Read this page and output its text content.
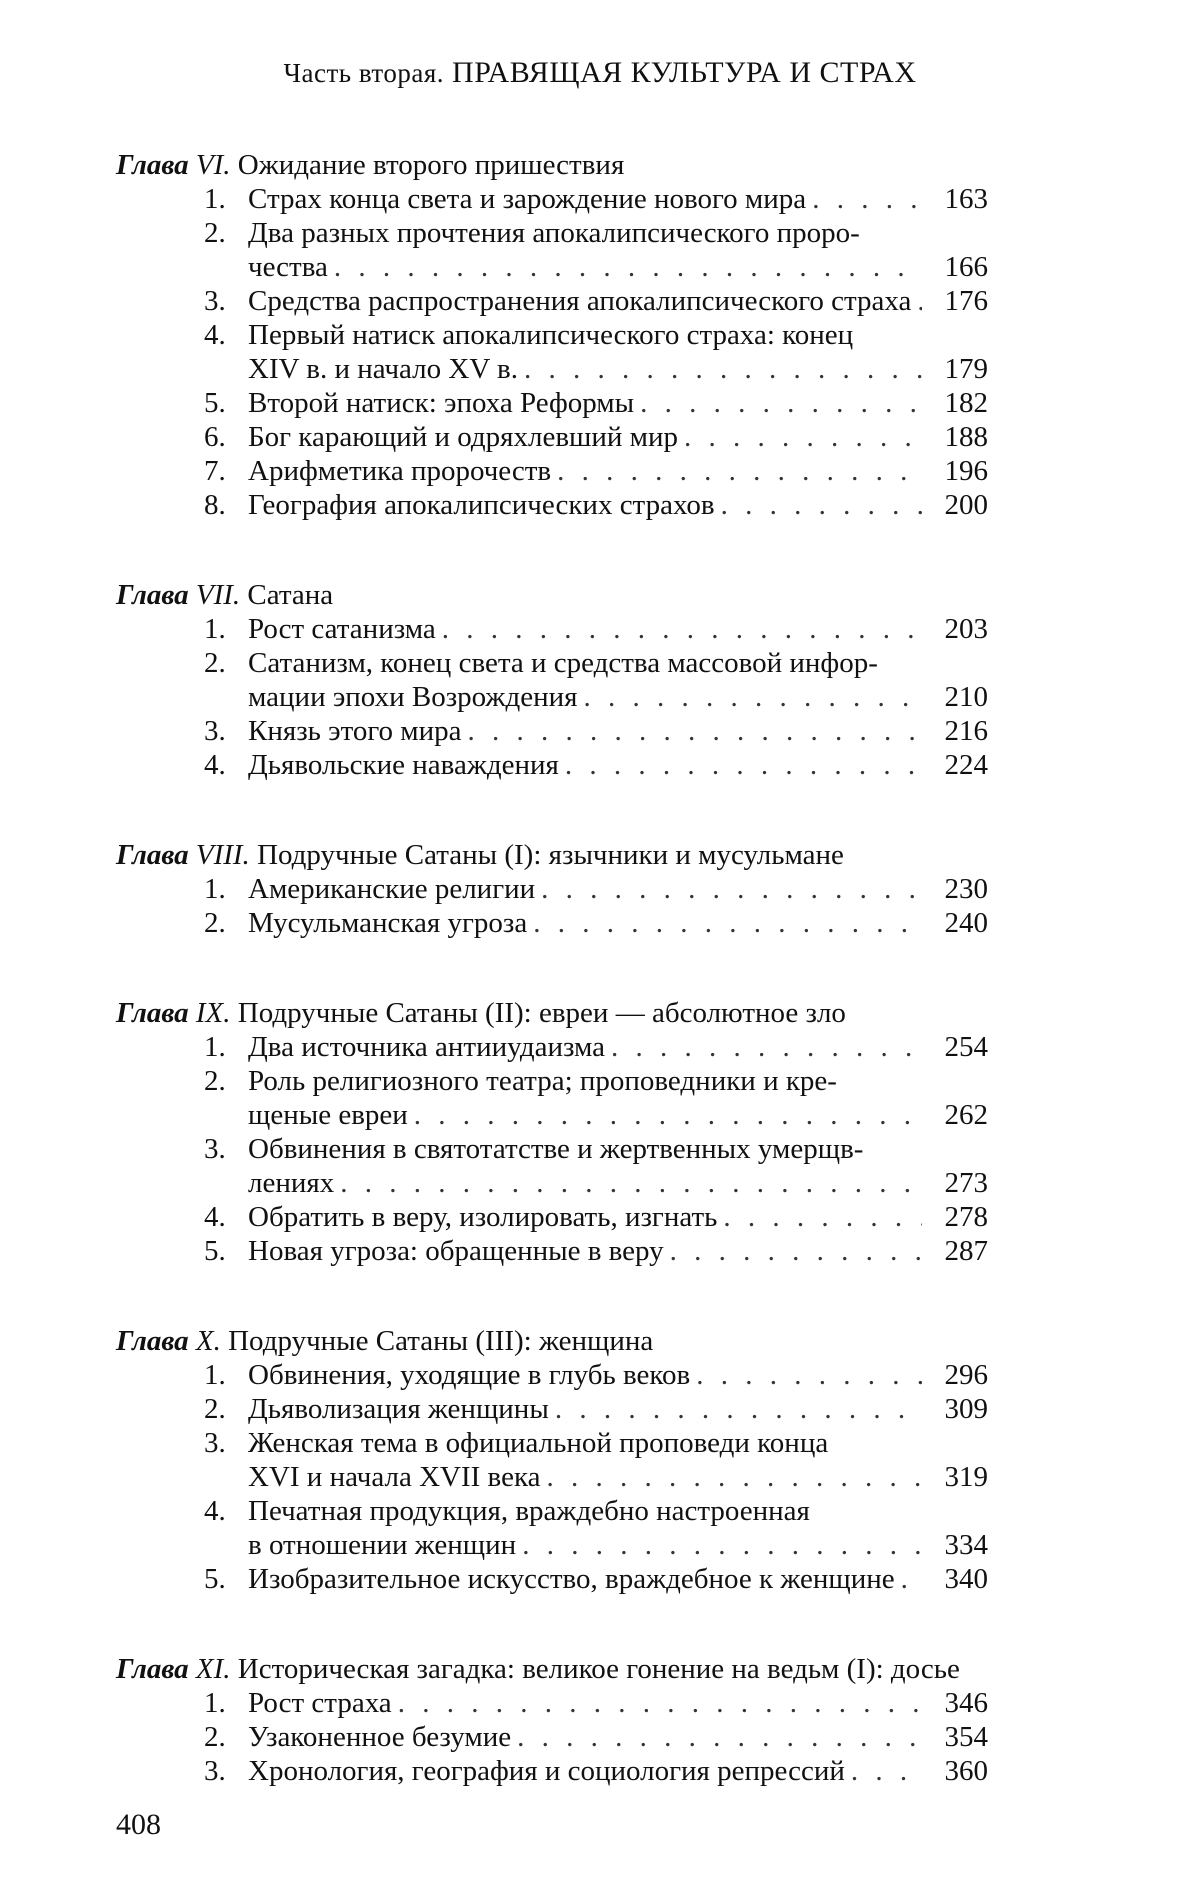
Часть вторая. ПРАВЯЩАЯ КУЛЬТУРА И СТРАХ
Глава VI. Ожидание второго пришествия
1. Страх конца света и зарождение нового мира . . .	163
2. Два разных прочтения апокалипсического проро-
чества . . .	166
3. Средства распространения апокалипсического страха . . .	176
4. Первый натиск апокалипсического страха: конец
XIV в. и начало XV в. . . .	179
5. Второй натиск: эпоха Реформы . . .	182
6. Бог карающий и одряхлевший мир . . .	188
7. Арифметика пророчеств . . .	196
8. География апокалипсических страхов . . .	200
Глава VII. Сатана
1. Рост сатанизма . . .	203
2. Сатанизм, конец света и средства массовой инфор-
мации эпохи Возрождения . . .	210
3. Князь этого мира . . .	216
4. Дьявольские наваждения . . .	224
Глава VIII. Подручные Сатаны (I): язычники и мусульмане
1. Американские религии . . .	230
2. Мусульманская угроза . . .	240
Глава IX. Подручные Сатаны (II): евреи — абсолютное зло
1. Два источника антииудаизма . . .	254
2. Роль религиозного театра; проповедники и кре-
щеные евреи . . .	262
3. Обвинения в святотатстве и жертвенных умерщв-
лениях . . .	273
4. Обратить в веру, изолировать, изгнать . . .	278
5. Новая угроза: обращенные в веру . . .	287
Глава X. Подручные Сатаны (III): женщина
1. Обвинения, уходящие в глубь веков . . .	296
2. Дьяволизация женщины . . .	309
3. Женская тема в официальной проповеди конца
XVI и начала XVII века . . .	319
4. Печатная продукция, враждебно настроенная
в отношении женщин . . .	334
5. Изобразительное искусство, враждебное к женщине . . .	340
Глава XI. Историческая загадка: великое гонение на ведьм (I): досье
1. Рост страха . . .	346
2. Узаконенное безумие . . .	354
3. Хронология, география и социология репрессий . . .	360
408
